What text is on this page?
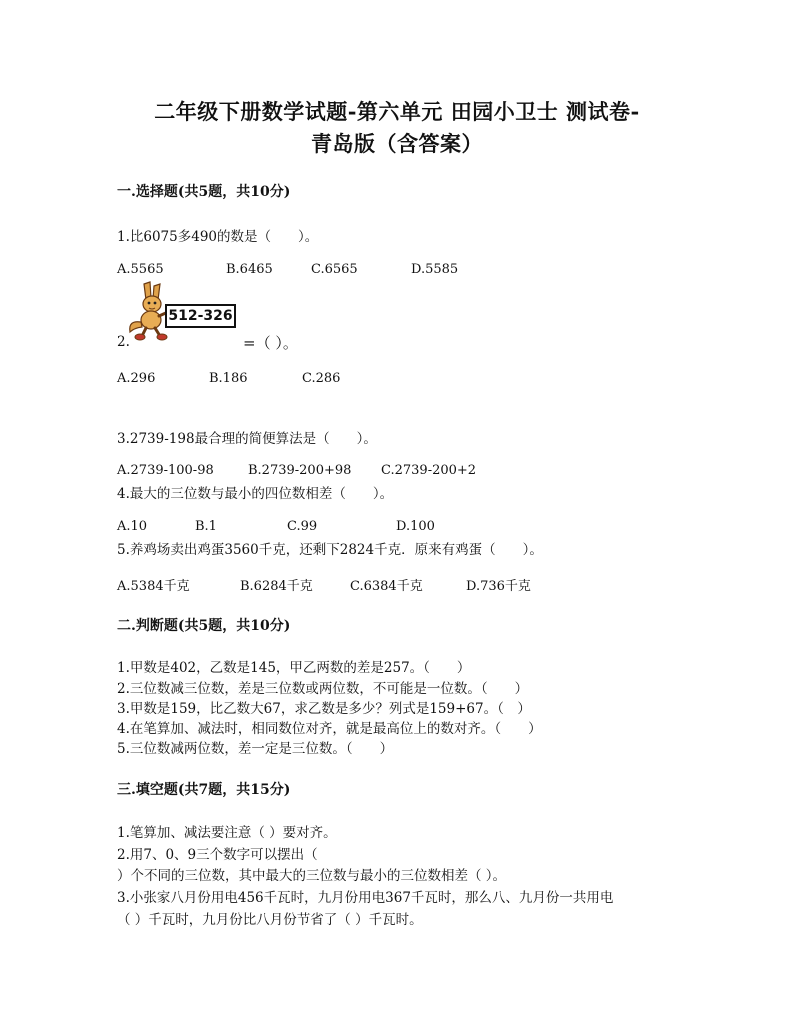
二年级下册数学试题-第六单元 田园小卫士 测试卷-
青岛版（含答案）
一.选择题(共5题，共10分)
1.比6075多490的数是（　　）。
A.5565	B.6465	C.6565	D.5585
512-326
2.	=（ ）。
A.296	B.186	C.286
3.2739-198最合理的简便算法是（　　）。
A.2739-100-98	B.2739-200+98 C.2739-200+2
4.最大的三位数与最小的四位数相差（　　）。
A.10	B.1	C.99	D.100
5.养鸡场卖出鸡蛋3560千克，还剩下2824千克．原来有鸡蛋（　　）。
A.5384千克	B.6284千克	C.6384千克	D.736千克
二.判断题(共5题，共10分)
1.甲数是402，乙数是145，甲乙两数的差是257。（　　）
2.三位数减三位数，差是三位数或两位数，不可能是一位数。（　　）
3.甲数是159，比乙数大67，求乙数是多少？列式是159+67。（　）
4.在笔算加、减法时，相同数位对齐，就是最高位上的数对齐。（　　）
5.三位数减两位数，差一定是三位数。（　　）
三.填空题(共7题，共15分)
1.笔算加、减法要注意（ ）要对齐。
2.用7、0、9三个数字可以摆出（
）个不同的三位数，其中最大的三位数与最小的三位数相差（ ）。
3.小张家八月份用电456千瓦时，九月份用电367千瓦时，那么八、九月份一共用电
（ ）千瓦时，九月份比八月份节省了（ ）千瓦时。
